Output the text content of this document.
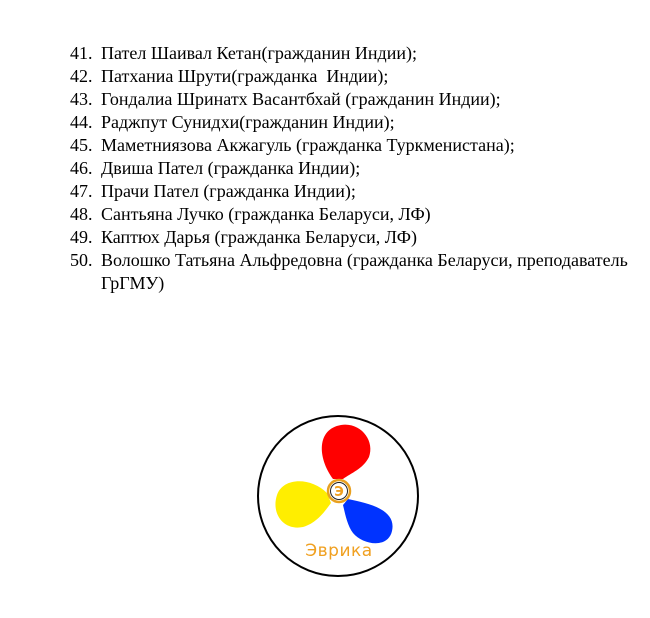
41. Пател Шаивал Кетан(гражданин Индии);
42. Патханиа Шрути(гражданка  Индии);
43. Гондалиа Шринатх Васантбхай (гражданин Индии);
44. Раджпут Сунидхи(гражданин Индии);
45. Маметниязова Акжагуль (гражданка Туркменистана);
46. Двиша Пател (гражданка Индии);
47. Прачи Пател (гражданка Индии);
48. Сантьяна Лучко (гражданка Беларуси, ЛФ)
49. Каптюх Дарья (гражданка Беларуси, ЛФ)
50. Волошко Татьяна Альфредовна (гражданка Беларуси, преподаватель ГрГМУ)
Э
Эврика
